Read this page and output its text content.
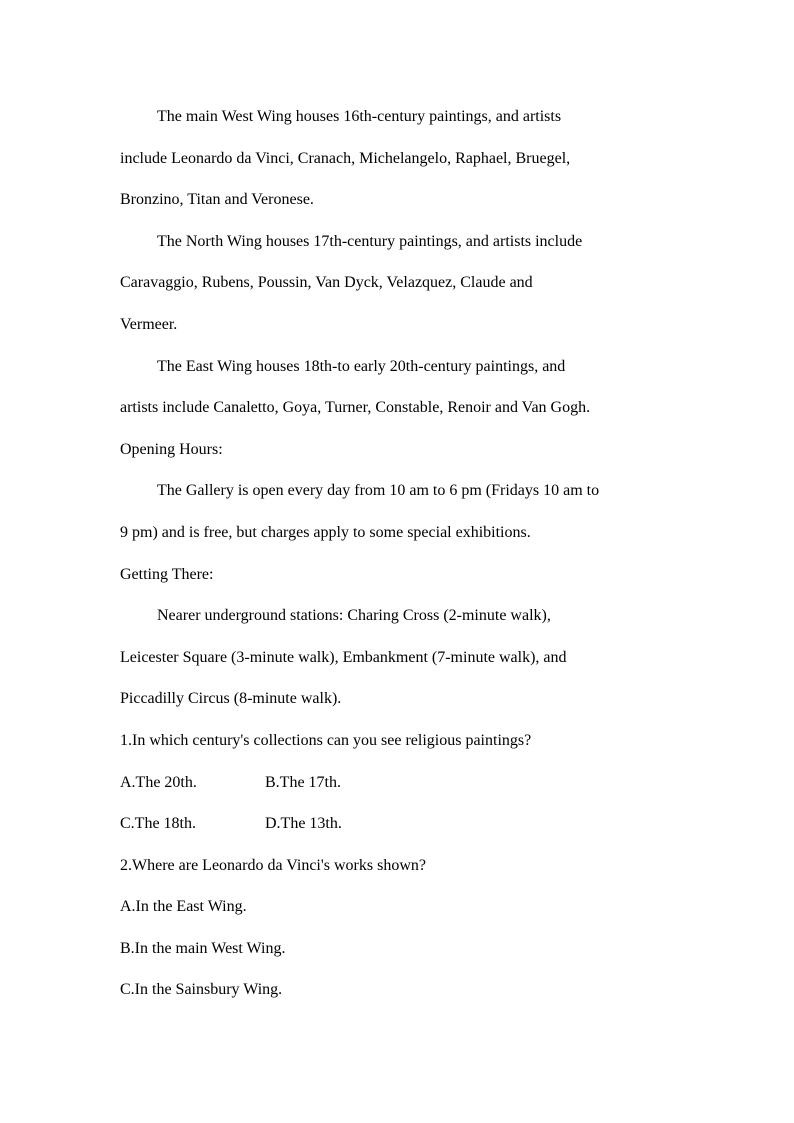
The main West Wing houses 16th-century paintings, and artists
include Leonardo da Vinci, Cranach, Michelangelo, Raphael, Bruegel,
Bronzino, Titan and Veronese.
The North Wing houses 17th-century paintings, and artists include
Caravaggio, Rubens, Poussin, Van Dyck, Velazquez, Claude and
Vermeer.
The East Wing houses 18th-to early 20th-century paintings, and
artists include Canaletto, Goya, Turner, Constable, Renoir and Van Gogh.
Opening Hours:
The Gallery is open every day from 10 am to 6 pm (Fridays 10 am to
9 pm) and is free, but charges apply to some special exhibitions.
Getting There:
Nearer underground stations: Charing Cross (2-minute walk),
Leicester Square (3-minute walk), Embankment (7-minute walk), and
Piccadilly Circus (8-minute walk).
1.In which century's collections can you see religious paintings?
A.The 20th.	B.The 17th.
C.The 18th.	D.The 13th.
2.Where are Leonardo da Vinci's works shown?
A.In the East Wing.
B.In the main West Wing.
C.In the Sainsbury Wing.
